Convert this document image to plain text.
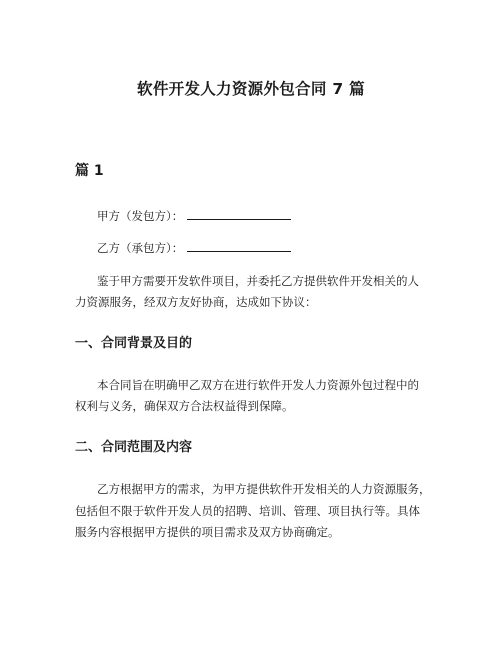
软件开发人力资源外包合同 7 篇
篇 1
甲方（发包方）：
乙方（承包方）：
鉴于甲方需要开发软件项目，并委托乙方提供软件开发相关的人
力资源服务，经双方友好协商，达成如下协议：
一、合同背景及目的
本合同旨在明确甲乙双方在进行软件开发人力资源外包过程中的
权利与义务，确保双方合法权益得到保障。
二、合同范围及内容
乙方根据甲方的需求，为甲方提供软件开发相关的人力资源服务，
包括但不限于软件开发人员的招聘、培训、管理、项目执行等。具体
服务内容根据甲方提供的项目需求及双方协商确定。
